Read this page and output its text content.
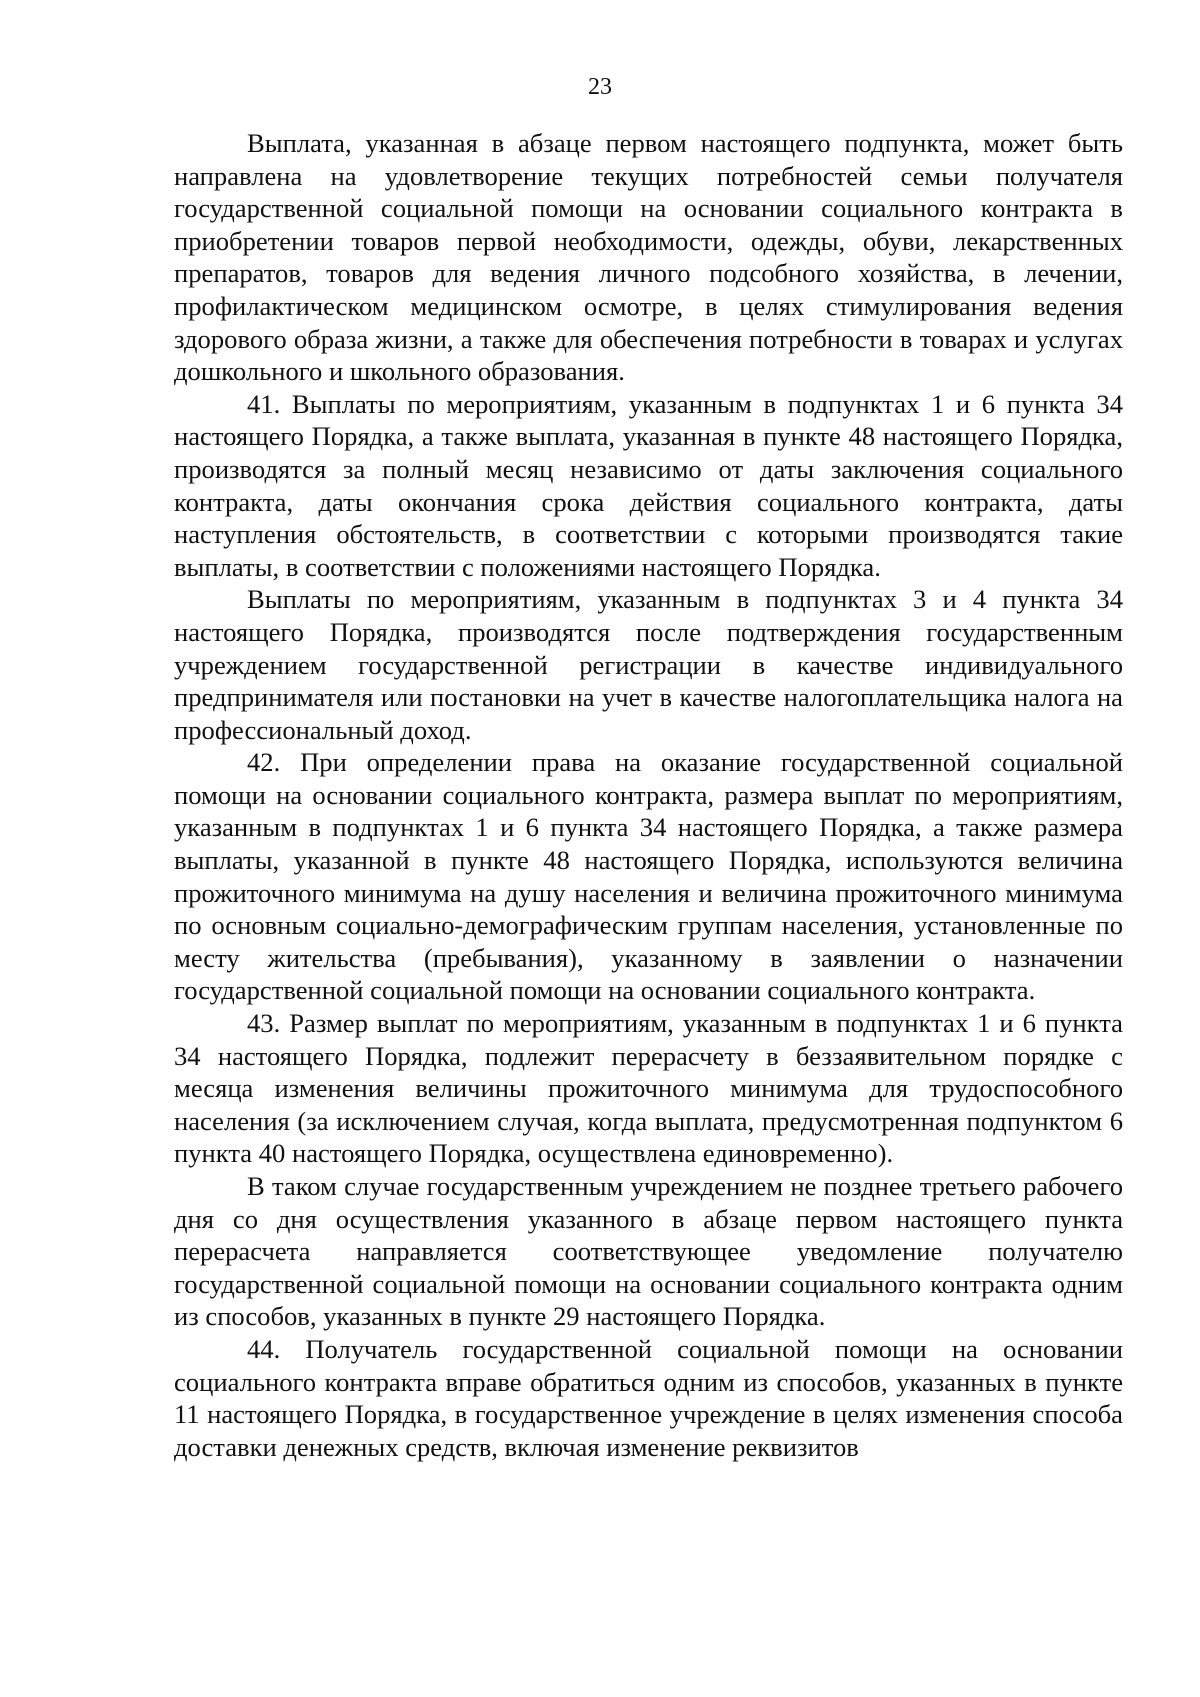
23

Выплата, указанная в абзаце первом настоящего подпункта, может быть направлена на удовлетворение текущих потребностей семьи получателя государственной социальной помощи на основании социального контракта в приобретении товаров первой необходимости, одежды, обуви, лекарственных препаратов, товаров для ведения личного подсобного хозяйства, в лечении, профилактическом медицинском осмотре, в целях стимулирования ведения здорового образа жизни, а также для обеспечения потребности в товарах и услугах дошкольного и школьного образования.

41. Выплаты по мероприятиям, указанным в подпунктах 1 и 6 пункта 34 настоящего Порядка, а также выплата, указанная в пункте 48 настоящего Порядка, производятся за полный месяц независимо от даты заключения социального контракта, даты окончания срока действия социального контракта, даты наступления обстоятельств, в соответствии с которыми производятся такие выплаты, в соответствии с положениями настоящего Порядка.

Выплаты по мероприятиям, указанным в подпунктах 3 и 4 пункта 34 настоящего Порядка, производятся после подтверждения государственным учреждением государственной регистрации в качестве индивидуального предпринимателя или постановки на учет в качестве налогоплательщика налога на профессиональный доход.

42. При определении права на оказание государственной социальной помощи на основании социального контракта, размера выплат по мероприятиям, указанным в подпунктах 1 и 6 пункта 34 настоящего Порядка, а также размера выплаты, указанной в пункте 48 настоящего Порядка, используются величина прожиточного минимума на душу населения и величина прожиточного минимума по основным социально-демографическим группам населения, установленные по месту жительства (пребывания), указанному в заявлении о назначении государственной социальной помощи на основании социального контракта.

43. Размер выплат по мероприятиям, указанным в подпунктах 1 и 6 пункта 34 настоящего Порядка, подлежит перерасчету в беззаявительном порядке с месяца изменения величины прожиточного минимума для трудоспособного населения (за исключением случая, когда выплата, предусмотренная подпунктом 6 пункта 40 настоящего Порядка, осуществлена единовременно).

В таком случае государственным учреждением не позднее третьего рабочего дня со дня осуществления указанного в абзаце первом настоящего пункта перерасчета направляется соответствующее уведомление получателю государственной социальной помощи на основании социального контракта одним из способов, указанных в пункте 29 настоящего Порядка.

44. Получатель государственной социальной помощи на основании социального контракта вправе обратиться одним из способов, указанных в пункте 11 настоящего Порядка, в государственное учреждение в целях изменения способа доставки денежных средств, включая изменение реквизитов
